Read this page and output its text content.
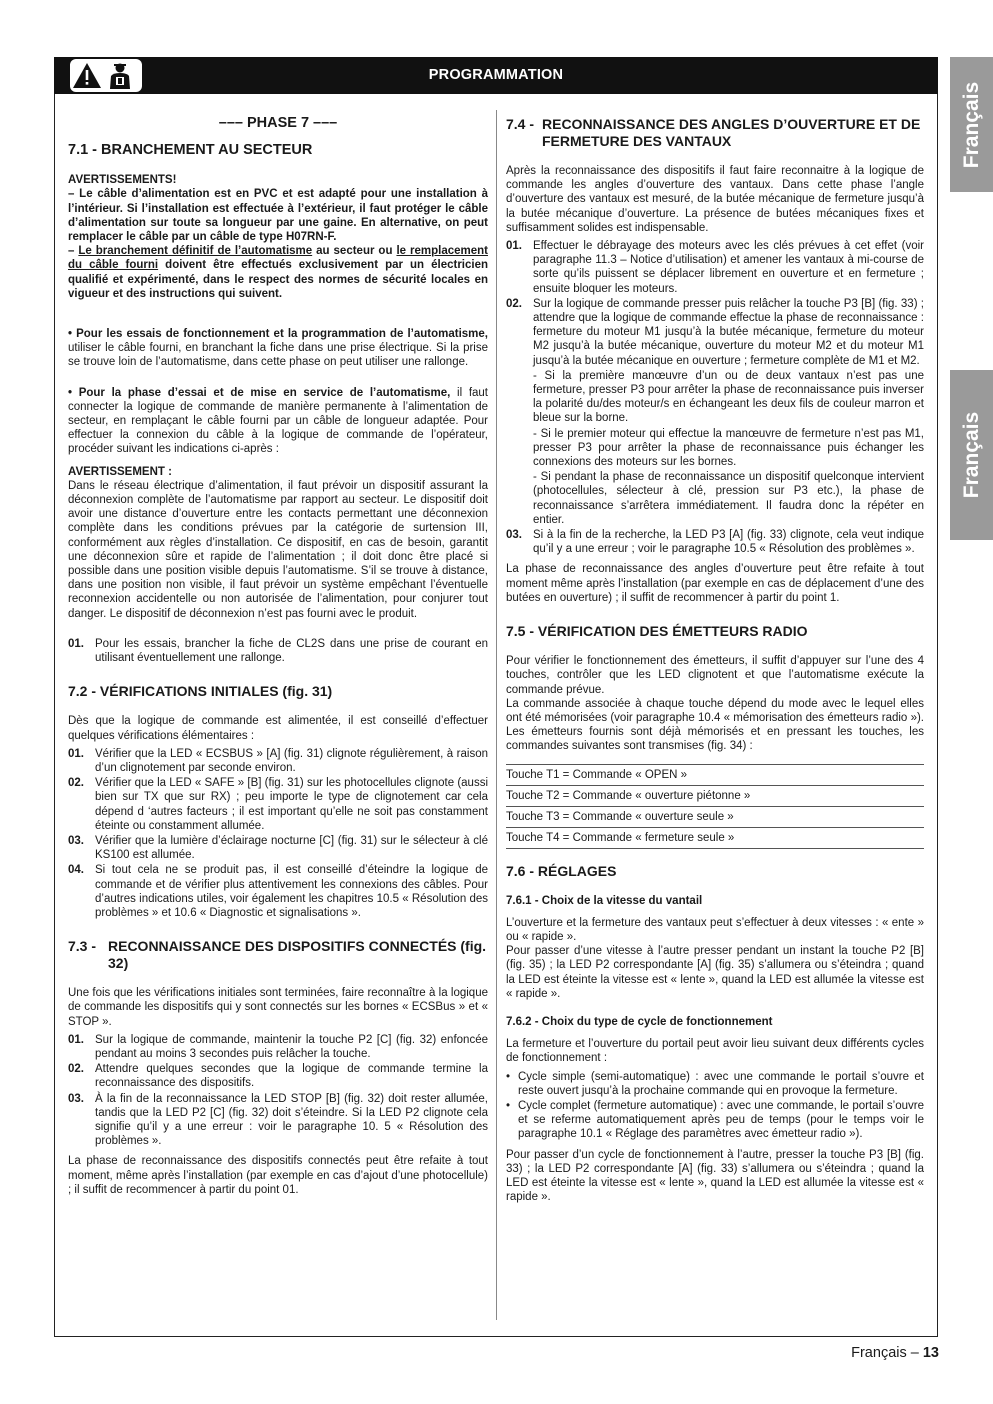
PROGRAMMATION
Français
Français
––– PHASE 7 –––
7.1 - BRANCHEMENT AU SECTEUR

AVERTISSEMENTS!

– Le câble d’alimentation est en PVC et est adapté pour une installation à l’intérieur. Si l’installation est effectuée à l’extérieur, il faut protéger le câble d’alimentation sur toute sa longueur par une gaine. En alternative, on peut remplacer le câble par un câble de type H07RN-F.

– Le branchement définitif de l’automatisme au secteur ou le remplacement du câble fourni doivent être effectués exclusivement par un électricien qualifié et expérimenté, dans le respect des normes de sécurité locales en vigueur et des instructions qui suivent.

• Pour les essais de fonctionnement et la programmation de l’automatisme, utiliser le câble fourni, en branchant la fiche dans une prise électrique. Si la prise se trouve loin de l’automatisme, dans cette phase on peut utiliser une rallonge.

• Pour la phase d’essai et de mise en service de l’automatisme, il faut connecter la logique de commande de manière permanente à l’alimentation de secteur, en remplaçant le câble fourni par un câble de longueur adaptée. Pour effectuer la connexion du câble à la logique de commande de l’opérateur, procéder suivant les indications ci-après :

AVERTISSEMENT :

Dans le réseau électrique d’alimentation, il faut prévoir un dispositif assurant la déconnexion complète de l’automatisme par rapport au secteur. Le dispositif doit avoir une distance d’ouverture entre les contacts permettant une déconnexion complète dans les conditions prévues par la catégorie de surtension III, conformément aux règles d’installation. Ce dispositif, en cas de besoin, garantit une déconnexion sûre et rapide de l’alimentation ; il doit donc être placé si possible dans une position visible depuis l’automatisme. S’il se trouve à distance, dans une position non visible, il faut prévoir un système empêchant l’éventuelle reconnexion accidentelle ou non autorisée de l’alimentation, pour conjurer tout danger. Le dispositif de déconnexion n’est pas fourni avec le produit.

01. Pour les essais, brancher la fiche de CL2S dans une prise de courant en utilisant éventuellement une rallonge.
7.2 - VÉRIFICATIONS INITIALES (fig. 31)

Dès que la logique de commande est alimentée, il est conseillé d’effectuer quelques vérifications élémentaires :

01. Vérifier que la LED « ECSBUS » [A] (fig. 31) clignote régulièrement, à raison d’un clignotement par seconde environ.
02. Vérifier que la LED « SAFE » [B] (fig. 31) sur les photocellules clignote (aussi bien sur TX que sur RX) ; peu importe le type de clignotement car cela dépend d ‘autres facteurs ; il est important qu’elle ne soit pas constamment éteinte ou constamment allumée.
03. Vérifier que la lumière d’éclairage nocturne [C] (fig. 31) sur le sélecteur à clé KS100 est allumée.
04. Si tout cela ne se produit pas, il est conseillé d’éteindre la logique de commande et de vérifier plus attentivement les connexions des câbles. Pour d’autres indications utiles, voir également les chapitres 10.5 « Résolution des problèmes » et 10.6 « Diagnostic et signalisations ».
7.3 - RECONNAISSANCE DES DISPOSITIFS CONNECTÉS (fig. 32)

Une fois que les vérifications initiales sont terminées, faire reconnaître à la logique de commande les dispositifs qui y sont connectés sur les bornes « ECSBus » et « STOP ».

01. Sur la logique de commande, maintenir la touche P2 [C] (fig. 32) enfoncée pendant au moins 3 secondes puis relâcher la touche.
02. Attendre quelques secondes que la logique de commande termine la reconnaissance des dispositifs.
03. À la fin de la reconnaissance la LED STOP [B] (fig. 32) doit rester allumée, tandis que la LED P2 [C] (fig. 32) doit s’éteindre. Si la LED P2 clignote cela signifie qu’il y a une erreur : voir le paragraphe 10. 5 « Résolution des problèmes ».

La phase de reconnaissance des dispositifs connectés peut être refaite à tout moment, même après l’installation (par exemple en cas d’ajout d’une photocellule) ; il suffit de recommencer à partir du point 01.

7.4 - RECONNAISSANCE DES ANGLES D’OUVERTURE ET DE FERMETURE DES VANTAUX

Après la reconnaissance des dispositifs il faut faire reconnaitre à la logique de commande les angles d’ouverture des vantaux. Dans cette phase l’angle d’ouverture des vantaux est mesuré, de la butée mécanique de fermeture jusqu’à la butée mécanique d’ouverture. La présence de butées mécaniques fixes et suffisamment solides est indispensable.

01. Effectuer le débrayage des moteurs avec les clés prévues à cet effet (voir paragraphe 11.3 – Notice d’utilisation) et amener les vantaux à mi-course de sorte qu’ils puissent se déplacer librement en ouverture et en fermeture ; ensuite bloquer les moteurs.
02. Sur la logique de commande presser puis relâcher la touche P3 [B] (fig. 33) ; attendre que la logique de commande effectue la phase de reconnaissance : fermeture du moteur M1 jusqu’à la butée mécanique, fermeture du moteur M2 jusqu’à la butée mécanique, ouverture du moteur M2 et du moteur M1 jusqu’à la butée mécanique en ouverture ; fermeture complète de M1 et M2.
- Si la première manœuvre d’un ou de deux vantaux n’est pas une fermeture, presser P3 pour arrêter la phase de reconnaissance puis inverser la polarité du/des moteur/s en échangeant les deux fils de couleur marron et bleue sur la borne.
- Si le premier moteur qui effectue la manœuvre de fermeture n’est pas M1, presser P3 pour arrêter la phase de reconnaissance puis échanger les connexions des moteurs sur les bornes.
- Si pendant la phase de reconnaissance un dispositif quelconque intervient (photocellules, sélecteur à clé, pression sur P3 etc.), la phase de reconnaissance s’arrêtera immédiatement. Il faudra donc la répéter en entier.
03. Si à la fin de la recherche, la LED P3 [A] (fig. 33) clignote, cela veut indique qu’il y a une erreur ; voir le paragraphe 10.5 « Résolution des problèmes ».

La phase de reconnaissance des angles d’ouverture peut être refaite à tout moment même après l’installation (par exemple en cas de déplacement d’une des butées en ouverture) ; il suffit de recommencer à partir du point 1.

7.5 - VÉRIFICATION DES ÉMETTEURS RADIO

Pour vérifier le fonctionnement des émetteurs, il suffit d’appuyer sur l’une des 4 touches, contrôler que les LED clignotent et que l’automatisme exécute la commande prévue.

La commande associée à chaque touche dépend du mode avec le lequel elles ont été mémorisées (voir paragraphe 10.4 « mémorisation des émetteurs radio »). Les émetteurs fournis sont déjà mémorisés et en pressant les touches, les commandes suivantes sont transmises (fig. 34) :

Touche T1 = Commande « OPEN »
Touche T2 = Commande « ouverture piétonne »
Touche T3 = Commande « ouverture seule »
Touche T4 = Commande « fermeture seule »
7.6 - RÉGLAGES
7.6.1 - Choix de la vitesse du vantail

L’ouverture et la fermeture des vantaux peut s’effectuer à deux vitesses : « ente » ou « rapide ».

Pour passer d’une vitesse à l’autre presser pendant un instant la touche P2 [B] (fig. 35) ; la LED P2 correspondante [A] (fig. 35) s’allumera ou s’éteindra ; quand la LED est éteinte la vitesse est « lente », quand la LED est allumée la vitesse est « rapide ».

7.6.2 - Choix du type de cycle de fonctionnement

La fermeture et l’ouverture du portail peut avoir lieu suivant deux différents cycles de fonctionnement :

• Cycle simple (semi-automatique) : avec une commande le portail s’ouvre et reste ouvert jusqu’à la prochaine commande qui en provoque la fermeture.
• Cycle complet (fermeture automatique) : avec une commande, le portail s’ouvre et se referme automatiquement après peu de temps (pour le temps voir le paragraphe 10.1 « Réglage des paramètres avec émetteur radio »).

Pour passer d’un cycle de fonctionnement à l’autre, presser la touche P3 [B] (fig. 33) ; la LED P2 correspondante [A] (fig. 33) s’allumera ou s’éteindra ; quand la LED est éteinte la vitesse est « lente », quand la LED est allumée la vitesse est « rapide ».

Français – 13
